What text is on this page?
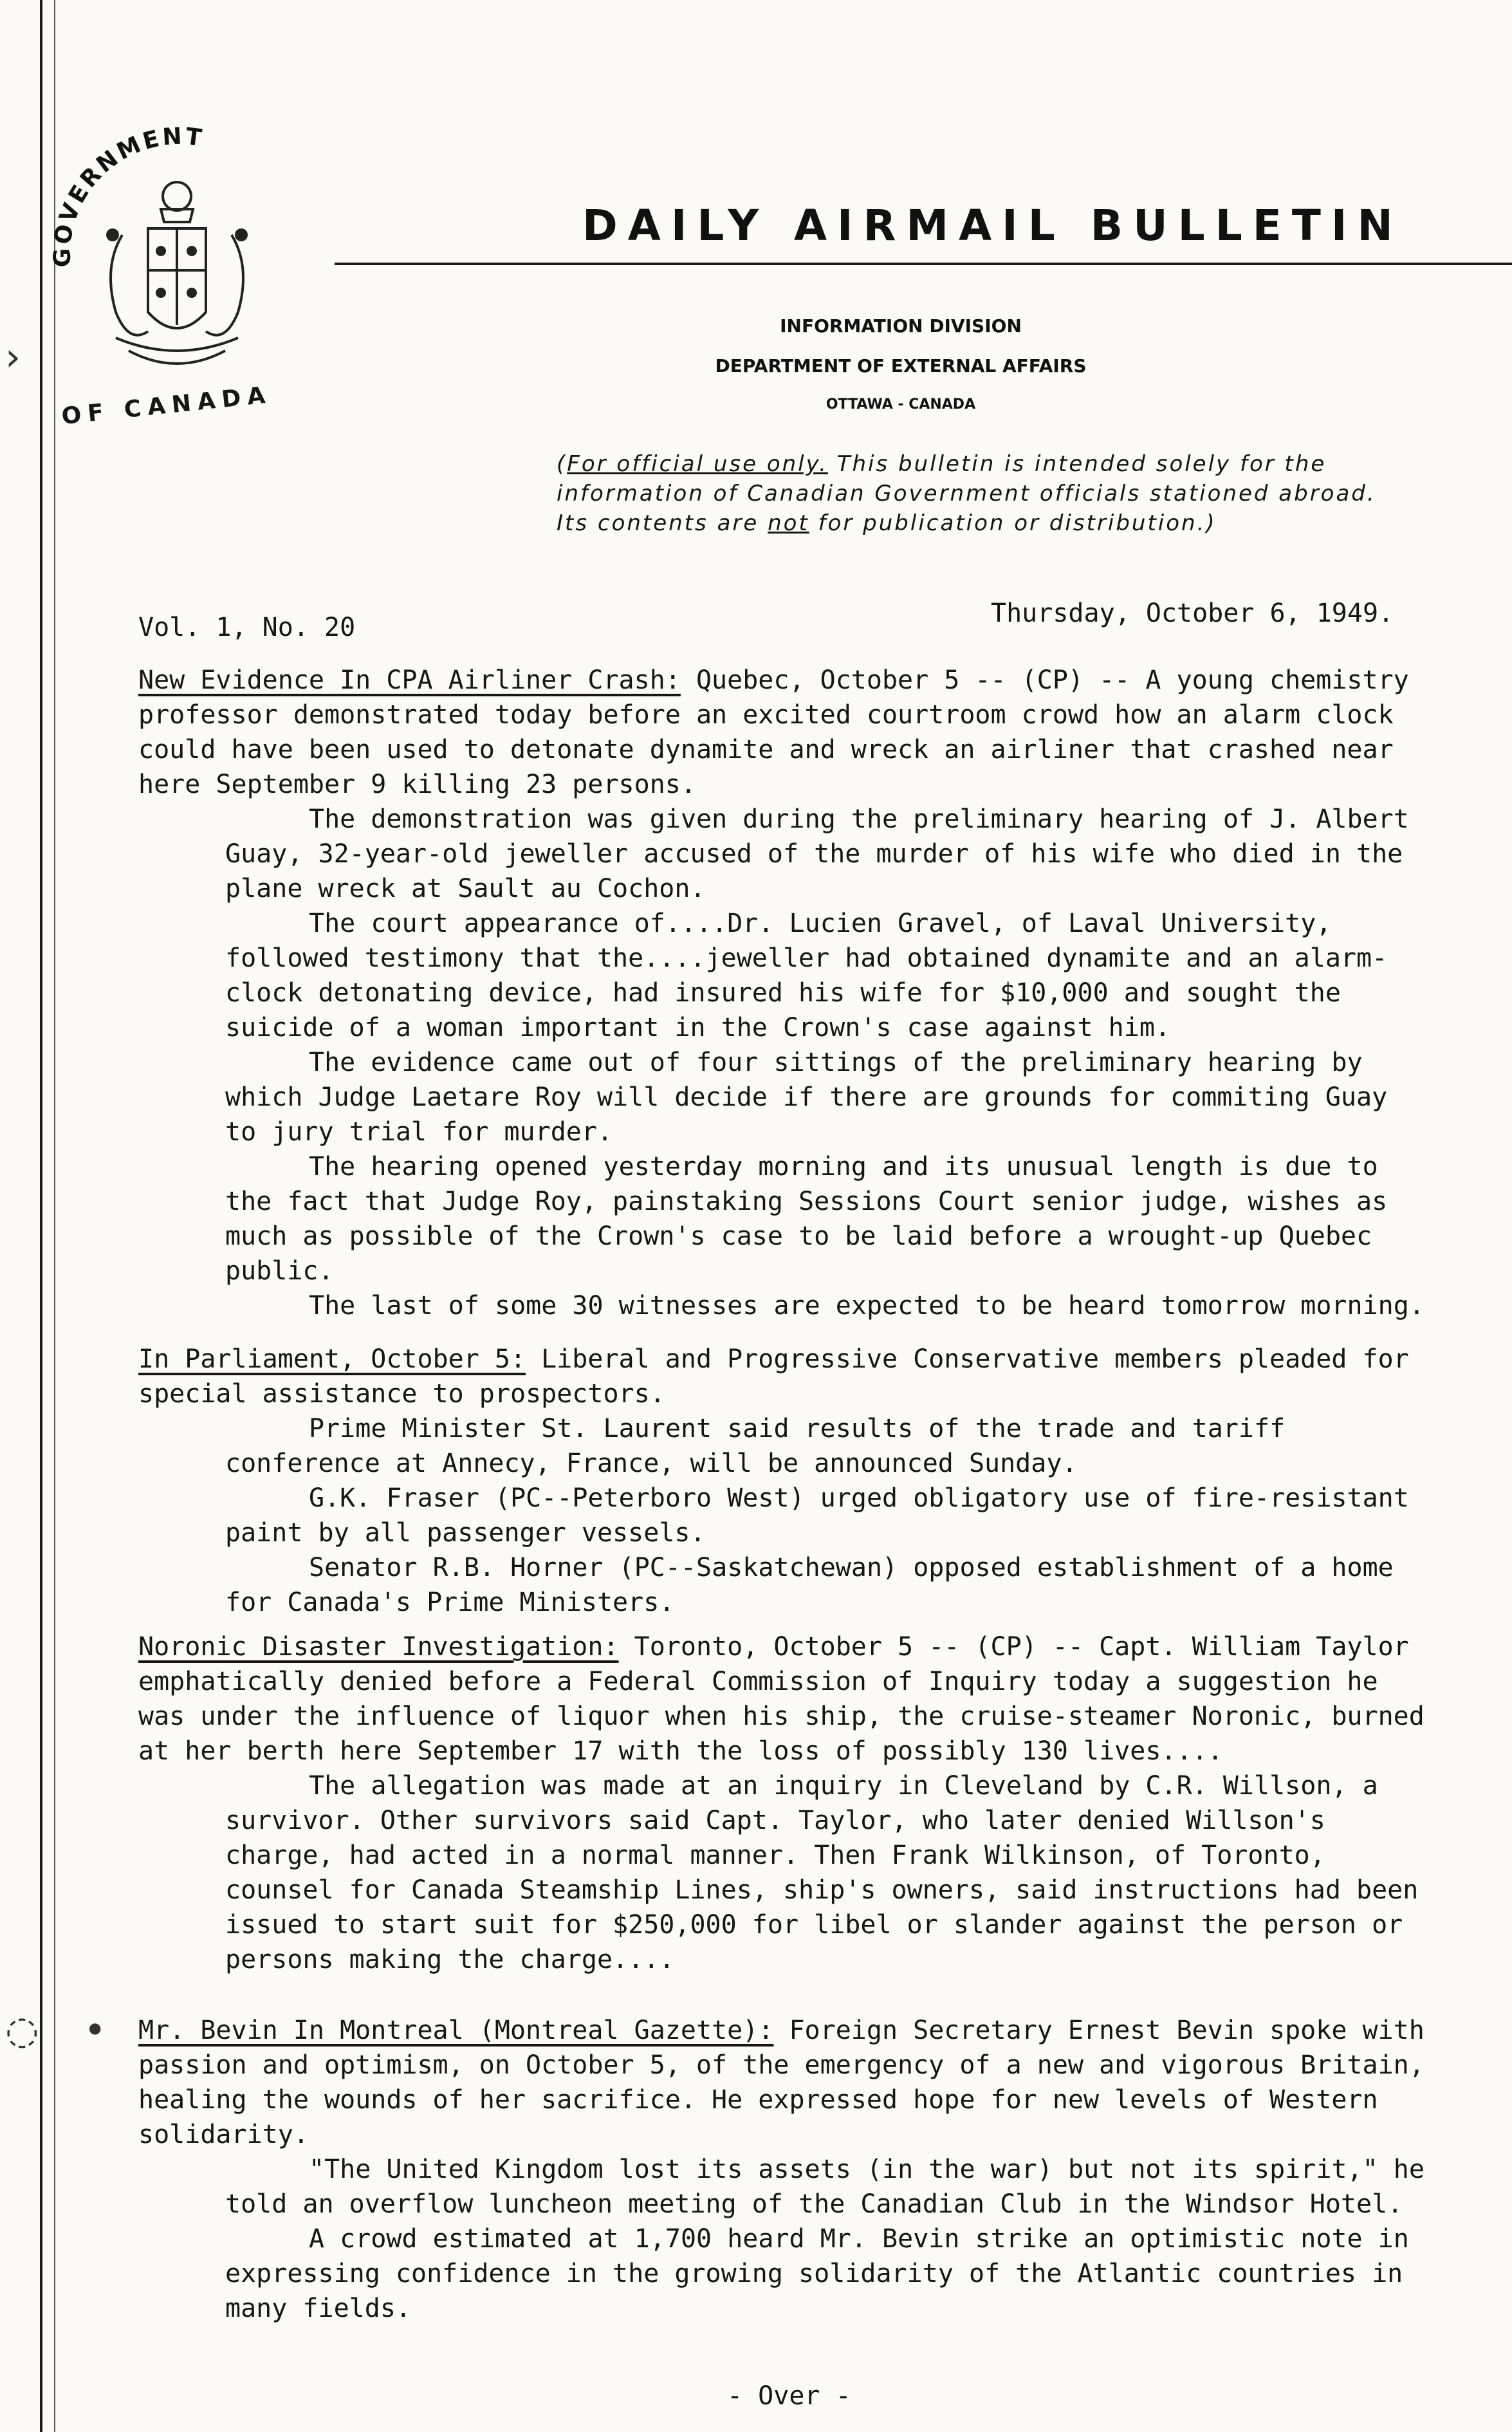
›
◌
GOVERNMENT
OF CANADA
DAILY AIRMAIL BULLETIN
INFORMATION DIVISION
DEPARTMENT OF EXTERNAL AFFAIRS
OTTAWA - CANADA
(For official use only. This bulletin is intended solely for the information of Canadian Government officials stationed abroad. Its contents are not for publication or distribution.)
Vol. 1, No. 20	Thursday, October 6, 1949.

New Evidence In CPA Airliner Crash: Quebec, October 5 -- (CP) -- A young chemistry professor demonstrated today before an excited courtroom crowd how an alarm clock could have been used to detonate dynamite and wreck an airliner that crashed near here September 9 killing 23 persons.

The demonstration was given during the preliminary hearing of J. Albert Guay, 32-year-old jeweller accused of the murder of his wife who died in the plane wreck at Sault au Cochon.

The court appearance of....Dr. Lucien Gravel, of Laval University, followed testimony that the....jeweller had obtained dynamite and an alarm-clock detonating device, had insured his wife for $10,000 and sought the suicide of a woman important in the Crown's case against him.

The evidence came out of four sittings of the preliminary hearing by which Judge Laetare Roy will decide if there are grounds for commiting Guay to jury trial for murder.

The hearing opened yesterday morning and its unusual length is due to the fact that Judge Roy, painstaking Sessions Court senior judge, wishes as much as possible of the Crown's case to be laid before a wrought-up Quebec public.

The last of some 30 witnesses are expected to be heard tomorrow morning.

In Parliament, October 5: Liberal and Progressive Conservative members pleaded for special assistance to prospectors.

Prime Minister St. Laurent said results of the trade and tariff conference at Annecy, France, will be announced Sunday.

G.K. Fraser (PC--Peterboro West) urged obligatory use of fire-resistant paint by all passenger vessels.

Senator R.B. Horner (PC--Saskatchewan) opposed establishment of a home for Canada's Prime Ministers.

Noronic Disaster Investigation: Toronto, October 5 -- (CP) -- Capt. William Taylor emphatically denied before a Federal Commission of Inquiry today a suggestion he was under the influence of liquor when his ship, the cruise-steamer Noronic, burned at her berth here September 17 with the loss of possibly 130 lives....

The allegation was made at an inquiry in Cleveland by C.R. Willson, a survivor. Other survivors said Capt. Taylor, who later denied Willson's charge, had acted in a normal manner. Then Frank Wilkinson, of Toronto, counsel for Canada Steamship Lines, ship's owners, said instructions had been issued to start suit for $250,000 for libel or slander against the person or persons making the charge....

Mr. Bevin In Montreal (Montreal Gazette): Foreign Secretary Ernest Bevin spoke with passion and optimism, on October 5, of the emergency of a new and vigorous Britain, healing the wounds of her sacrifice. He expressed hope for new levels of Western solidarity.

"The United Kingdom lost its assets (in the war) but not its spirit," he told an overflow luncheon meeting of the Canadian Club in the Windsor Hotel.

A crowd estimated at 1,700 heard Mr. Bevin strike an optimistic note in expressing confidence in the growing solidarity of the Atlantic countries in many fields.

•
- Over -
